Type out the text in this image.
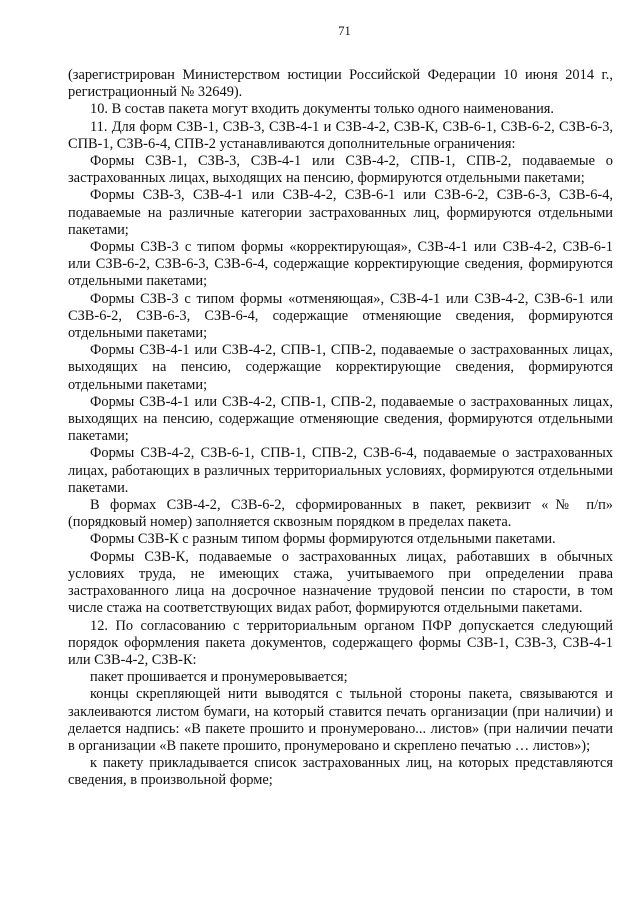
71

(зарегистрирован Министерством юстиции Российской Федерации 10 июня 2014 г., регистрационный № 32649).

10. В состав пакета могут входить документы только одного наименования.

11. Для форм СЗВ-1, СЗВ-3, СЗВ-4-1 и СЗВ-4-2, СЗВ-К, СЗВ-6-1, СЗВ-6-2, СЗВ-6-3, СПВ-1, СЗВ-6-4, СПВ-2 устанавливаются дополнительные ограничения:

Формы СЗВ-1, СЗВ-3, СЗВ-4-1 или СЗВ-4-2, СПВ-1, СПВ-2, подаваемые о застрахованных лицах, выходящих на пенсию, формируются отдельными пакетами;

Формы СЗВ-3, СЗВ-4-1 или СЗВ-4-2, СЗВ-6-1 или СЗВ-6-2, СЗВ-6-3, СЗВ-6-4, подаваемые на различные категории застрахованных лиц, формируются отдельными пакетами;

Формы СЗВ-3 с типом формы «корректирующая», СЗВ-4-1 или СЗВ-4-2, СЗВ-6-1 или СЗВ-6-2, СЗВ-6-3, СЗВ-6-4, содержащие корректирующие сведения, формируются отдельными пакетами;

Формы СЗВ-3 с типом формы «отменяющая», СЗВ-4-1 или СЗВ-4-2, СЗВ-6-1 или СЗВ-6-2, СЗВ-6-3, СЗВ-6-4, содержащие отменяющие сведения, формируются отдельными пакетами;

Формы СЗВ-4-1 или СЗВ-4-2, СПВ-1, СПВ-2, подаваемые о застрахованных лицах, выходящих на пенсию, содержащие корректирующие сведения, формируются отдельными пакетами;

Формы СЗВ-4-1 или СЗВ-4-2, СПВ-1, СПВ-2, подаваемые о застрахованных лицах, выходящих на пенсию, содержащие отменяющие сведения, формируются отдельными пакетами;

Формы СЗВ-4-2, СЗВ-6-1, СПВ-1, СПВ-2, СЗВ-6-4, подаваемые о застрахованных лицах, работающих в различных территориальных условиях, формируются отдельными пакетами.

В формах СЗВ-4-2, СЗВ-6-2, сформированных в пакет, реквизит «№ п/п» (порядковый номер) заполняется сквозным порядком в пределах пакета.

Формы СЗВ-К с разным типом формы формируются отдельными пакетами.

Формы СЗВ-К, подаваемые о застрахованных лицах, работавших в обычных условиях труда, не имеющих стажа, учитываемого при определении права застрахованного лица на досрочное назначение трудовой пенсии по старости, в том числе стажа на соответствующих видах работ, формируются отдельными пакетами.

12. По согласованию с территориальным органом ПФР допускается следующий порядок оформления пакета документов, содержащего формы СЗВ-1, СЗВ-3, СЗВ-4-1 или СЗВ-4-2, СЗВ-К:

пакет прошивается и пронумеровывается;

концы скрепляющей нити выводятся с тыльной стороны пакета, связываются и заклеиваются листом бумаги, на который ставится печать организации (при наличии) и делается надпись: «В пакете прошито и пронумеровано... листов» (при наличии печати в организации «В пакете прошито, пронумеровано и скреплено печатью … листов»);

к пакету прикладывается список застрахованных лиц, на которых представляются сведения, в произвольной форме;
